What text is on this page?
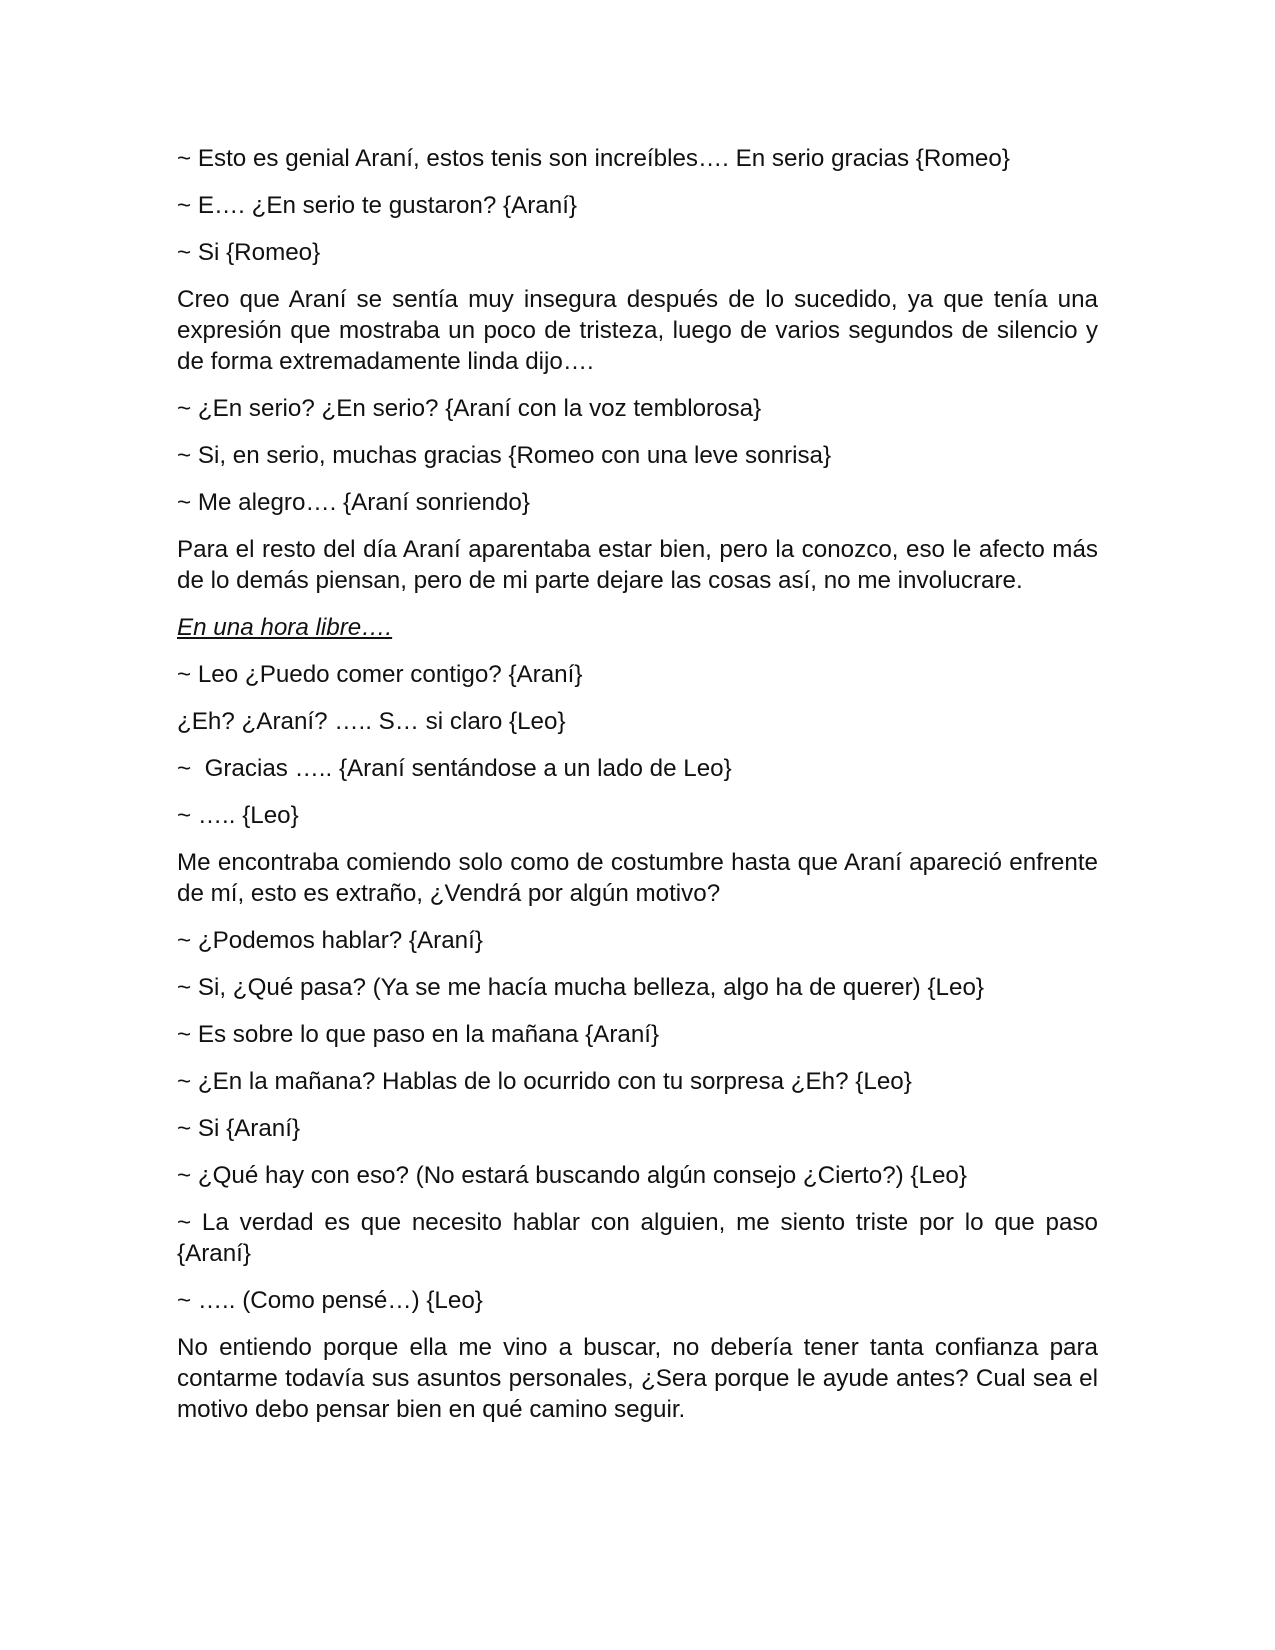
~ Esto es genial Araní, estos tenis son increíbles…. En serio gracias {Romeo}

~ E…. ¿En serio te gustaron? {Araní}

~ Si {Romeo}

Creo que Araní se sentía muy insegura después de lo sucedido, ya que tenía una expresión que mostraba un poco de tristeza, luego de varios segundos de silencio y de forma extremadamente linda dijo….

~ ¿En serio? ¿En serio? {Araní con la voz temblorosa}

~ Si, en serio, muchas gracias {Romeo con una leve sonrisa}

~ Me alegro…. {Araní sonriendo}

Para el resto del día Araní aparentaba estar bien, pero la conozco, eso le afecto más de lo demás piensan, pero de mi parte dejare las cosas así, no me involucrare.

En una hora libre….

~ Leo ¿Puedo comer contigo? {Araní}

¿Eh? ¿Araní? ….. S… si claro {Leo}

~  Gracias ….. {Araní sentándose a un lado de Leo}

~ ….. {Leo}

Me encontraba comiendo solo como de costumbre hasta que Araní apareció enfrente de mí, esto es extraño, ¿Vendrá por algún motivo?

~ ¿Podemos hablar? {Araní}

~ Si, ¿Qué pasa? (Ya se me hacía mucha belleza, algo ha de querer) {Leo}

~ Es sobre lo que paso en la mañana {Araní}

~ ¿En la mañana? Hablas de lo ocurrido con tu sorpresa ¿Eh? {Leo}

~ Si {Araní}

~ ¿Qué hay con eso? (No estará buscando algún consejo ¿Cierto?) {Leo}

~ La verdad es que necesito hablar con alguien, me siento triste por lo que paso {Araní}

~ ….. (Como pensé…) {Leo}

No entiendo porque ella me vino a buscar, no debería tener tanta confianza para contarme todavía sus asuntos personales, ¿Sera porque le ayude antes? Cual sea el motivo debo pensar bien en qué camino seguir.
